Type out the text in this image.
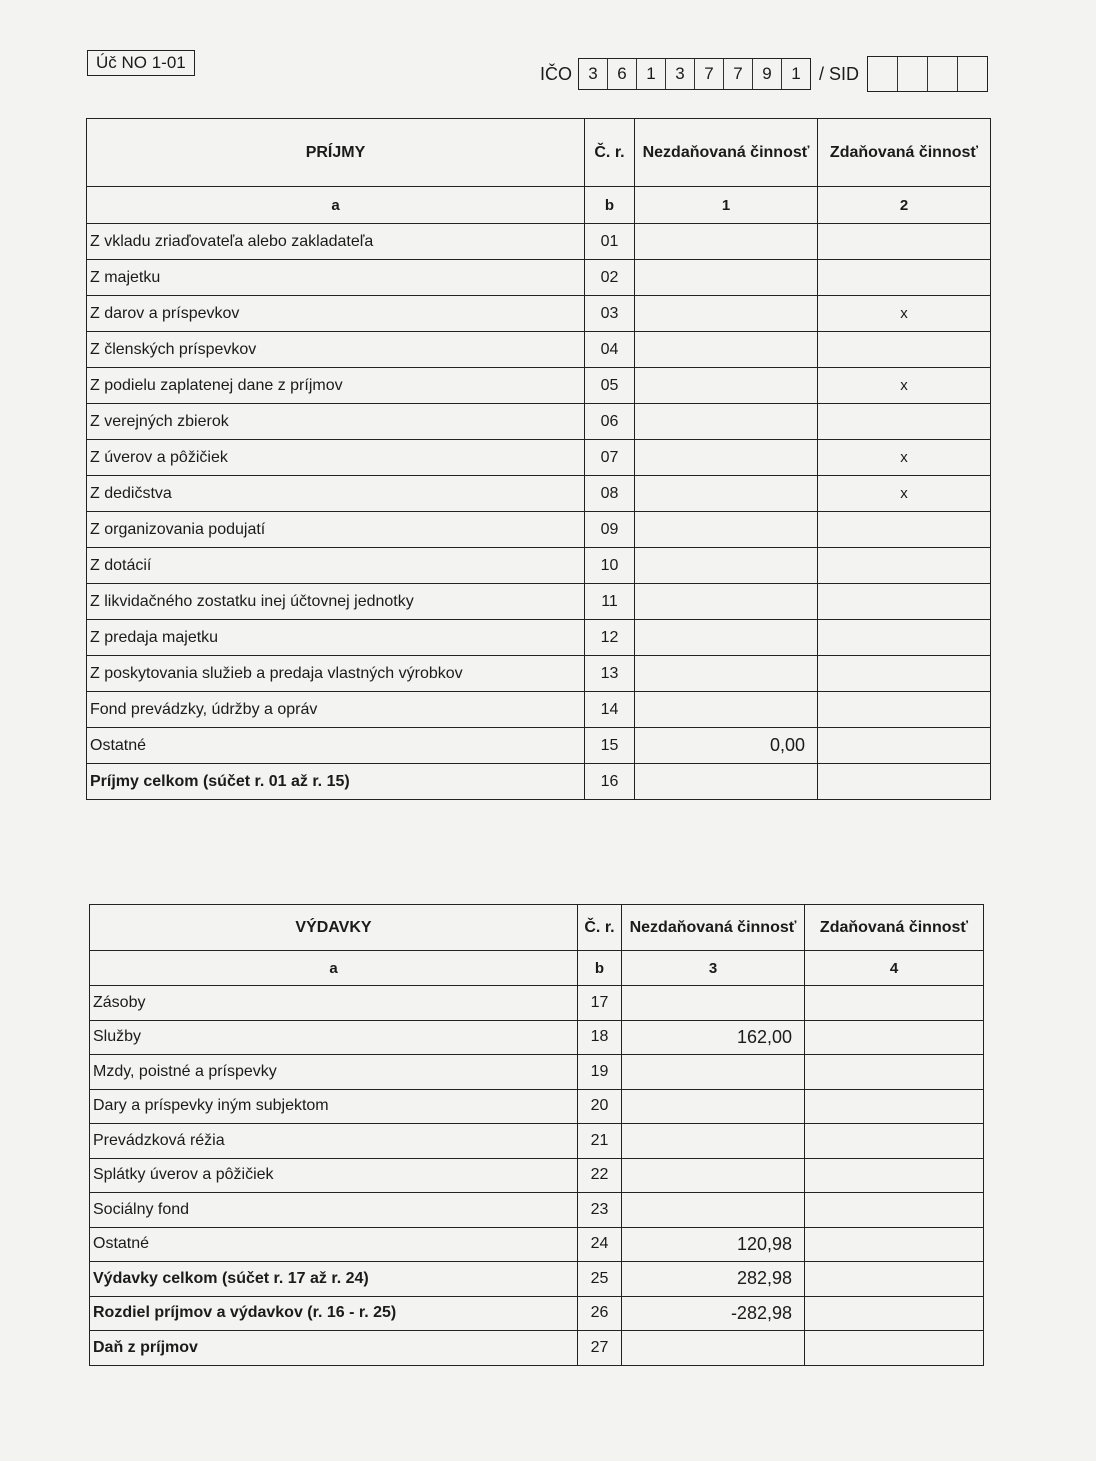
Úč NO 1-01
IČO 3	6	1	3	7	7	9	1	/ SID
PRÍJMY	Č. r.	Nezdaňovaná činnosť	Zdaňovaná činnosť
a	b	1	2
Z vkladu zriaďovateľa alebo zakladateľa	01		
Z majetku	02		
Z darov a príspevkov	03		x
Z členských príspevkov	04		
Z podielu zaplatenej dane z príjmov	05		x
Z verejných zbierok	06		
Z úverov a pôžičiek	07		x
Z dedičstva	08		x
Z organizovania podujatí	09		
Z dotácií	10		
Z likvidačného zostatku inej účtovnej jednotky	11		
Z predaja majetku	12		
Z poskytovania služieb a predaja vlastných výrobkov	13		
Fond prevádzky, údržby a opráv	14		
Ostatné	15	0,00	
Príjmy celkom (súčet r. 01 až r. 15)	16		
VÝDAVKY	Č. r.	Nezdaňovaná činnosť	Zdaňovaná činnosť
a	b	3	4
Zásoby	17		
Služby	18	162,00	
Mzdy, poistné a príspevky	19		
Dary a príspevky iným subjektom	20		
Prevádzková réžia	21		
Splátky úverov a pôžičiek	22		
Sociálny fond	23		
Ostatné	24	120,98	
Výdavky celkom (súčet r. 17 až r. 24)	25	282,98	
Rozdiel príjmov a výdavkov (r. 16 - r. 25)	26	-282,98	
Daň z príjmov	27		
